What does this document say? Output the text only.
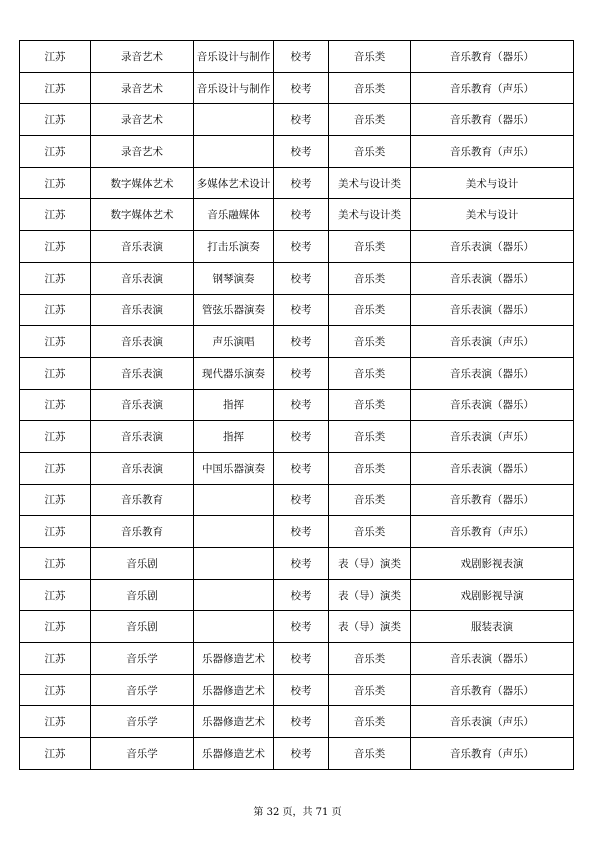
江苏	录音艺术	音乐设计与制作	校考	音乐类	音乐教育（器乐）
江苏	录音艺术	音乐设计与制作	校考	音乐类	音乐教育（声乐）
江苏	录音艺术		校考	音乐类	音乐教育（器乐）
江苏	录音艺术		校考	音乐类	音乐教育（声乐）
江苏	数字媒体艺术	多媒体艺术设计	校考	美术与设计类	美术与设计
江苏	数字媒体艺术	音乐融媒体	校考	美术与设计类	美术与设计
江苏	音乐表演	打击乐演奏	校考	音乐类	音乐表演（器乐）
江苏	音乐表演	钢琴演奏	校考	音乐类	音乐表演（器乐）
江苏	音乐表演	管弦乐器演奏	校考	音乐类	音乐表演（器乐）
江苏	音乐表演	声乐演唱	校考	音乐类	音乐表演（声乐）
江苏	音乐表演	现代器乐演奏	校考	音乐类	音乐表演（器乐）
江苏	音乐表演	指挥	校考	音乐类	音乐表演（器乐）
江苏	音乐表演	指挥	校考	音乐类	音乐表演（声乐）
江苏	音乐表演	中国乐器演奏	校考	音乐类	音乐表演（器乐）
江苏	音乐教育		校考	音乐类	音乐教育（器乐）
江苏	音乐教育		校考	音乐类	音乐教育（声乐）
江苏	音乐剧		校考	表（导）演类	戏剧影视表演
江苏	音乐剧		校考	表（导）演类	戏剧影视导演
江苏	音乐剧		校考	表（导）演类	服装表演
江苏	音乐学	乐器修造艺术	校考	音乐类	音乐表演（器乐）
江苏	音乐学	乐器修造艺术	校考	音乐类	音乐教育（器乐）
江苏	音乐学	乐器修造艺术	校考	音乐类	音乐表演（声乐）
江苏	音乐学	乐器修造艺术	校考	音乐类	音乐教育（声乐）
第 32 页，共 71 页
